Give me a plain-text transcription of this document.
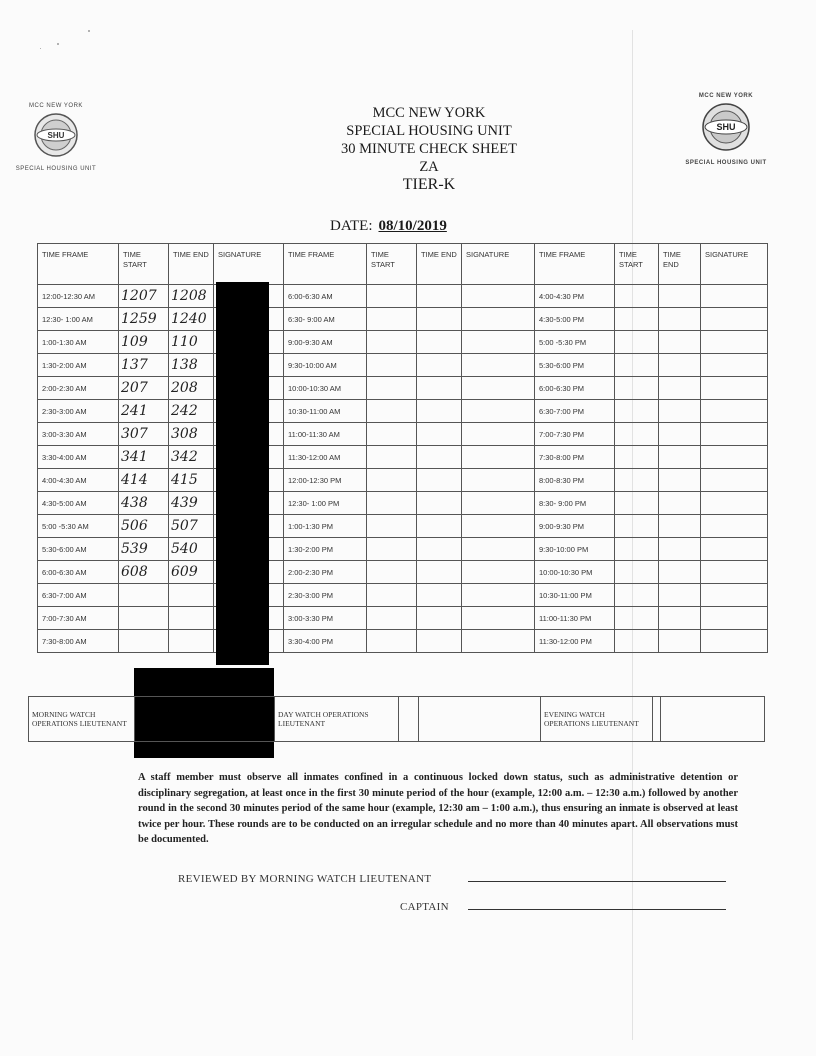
MCC NEW YORK
SHU
SPECIAL HOUSING UNIT
MCC NEW YORK
SHU
SPECIAL HOUSING UNIT
MCC NEW YORK
SPECIAL HOUSING UNIT
30 MINUTE CHECK SHEET
ZA
TIER-K
DATE: 08/10/2019
TIME FRAME	TIME START	TIME END	SIGNATURE	TIME FRAME	TIME START	TIME END	SIGNATURE	TIME FRAME	TIME START	TIME END	SIGNATURE
12:00-12:30 AM	1207	1208		6:00-6:30 AM				4:00-4:30 PM			
12:30- 1:00 AM	1259	1240		6:30- 9:00 AM				4:30-5:00 PM			
1:00-1:30 AM	109	110		9:00-9:30 AM				5:00 -5:30 PM			
1:30-2:00 AM	137	138		9:30-10:00 AM				5:30-6:00 PM			
2:00-2:30 AM	207	208		10:00-10:30 AM				6:00-6:30 PM			
2:30-3:00 AM	241	242		10:30-11:00 AM				6:30-7:00 PM			
3:00-3:30 AM	307	308		11:00-11:30 AM				7:00-7:30 PM			
3:30-4:00 AM	341	342		11:30-12:00 AM				7:30-8:00 PM			
4:00-4:30 AM	414	415		12:00-12:30 PM				8:00-8:30 PM			
4:30-5:00 AM	438	439		12:30- 1:00 PM				8:30- 9:00 PM			
5:00 -5:30 AM	506	507		1:00-1:30 PM				9:00-9:30 PM			
5:30-6:00 AM	539	540		1:30-2:00 PM				9:30-10:00 PM			
6:00-6:30 AM	608	609		2:00-2:30 PM				10:00-10:30 PM			
6:30-7:00 AM				2:30-3:00 PM				10:30-11:00 PM			
7:00-7:30 AM				3:00-3:30 PM				11:00-11:30 PM			
7:30-8:00 AM				3:30-4:00 PM				11:30-12:00 PM			
MORNING WATCH OPERATIONS LIEUTENANT		DAY WATCH OPERATIONS LIEUTENANT			EVENING WATCH OPERATIONS LIEUTENANT		
A staff member must observe all inmates confined in a continuous locked down status, such as administrative detention or disciplinary segregation, at least once in the first 30 minute period of the hour (example, 12:00 a.m. – 12:30 a.m.) followed by another round in the second 30 minutes period of the same hour (example, 12:30 am – 1:00 a.m.), thus ensuring an inmate is observed at least twice per hour. These rounds are to be conducted on an irregular schedule and no more than 40 minutes apart. All observations must be documented.
REVIEWED BY MORNING WATCH LIEUTENANT
CAPTAIN
